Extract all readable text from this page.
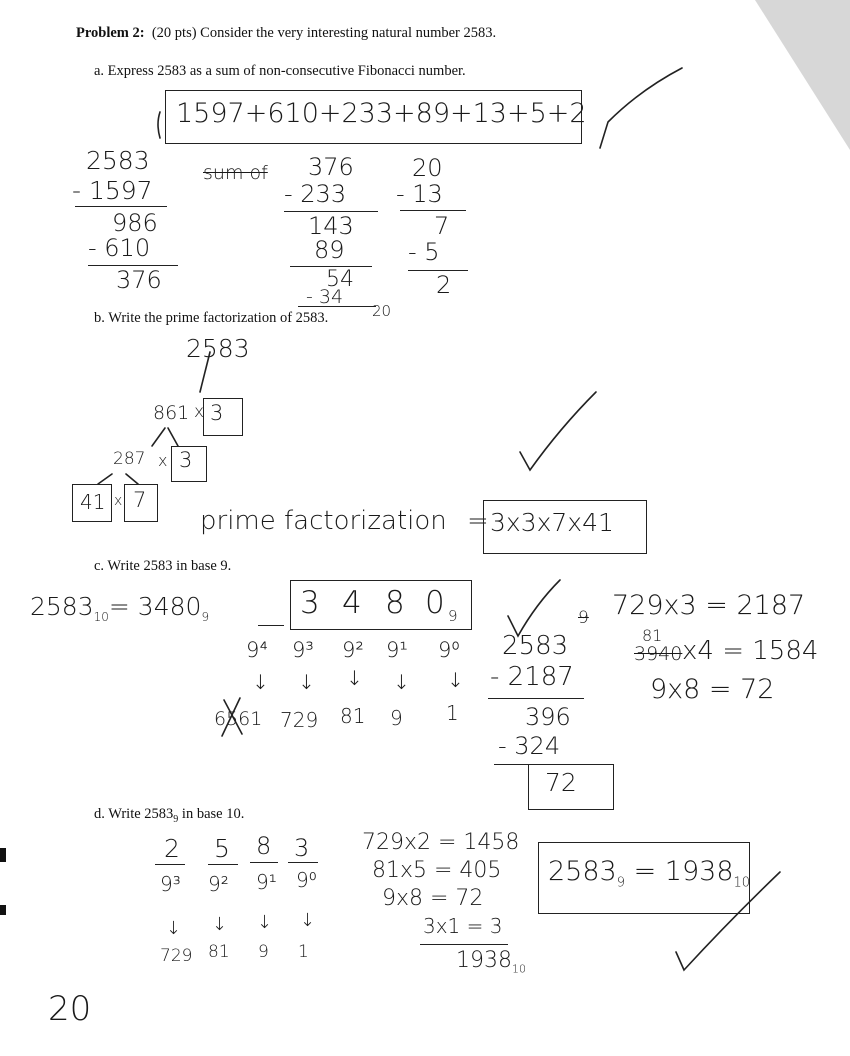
Problem 2: (20 pts) Consider the very interesting natural number 2583.
a. Express 2583 as a sum of non-consecutive Fibonacci number.
1597+610+233+89+13+5+2
2583
- 1597
986
- 610
376
sum of 376
- 233
143
89
54
- 34
20
20
- 13
7
- 5
2
b. Write the prime factorization of 2583.
2583
861 x 3
287 x 3
41 x 7
prime factorization = 3x3x7x41
c. Write 2583 in base 9.
$2583_{10}= 3480_9$	3 4 8 0 9
9⁴ 9³ 9² 9¹ 9⁰
↓ ↓ ↓ ↓ ↓
6561 729 81 9 1
2583
- 2187
396
- 324
72
9 729x3 = 2187
81
3940 x4 = 1584
9x8 = 72
d. Write $2583_9$ in base 10.
2 5 8 3
9³ 9² 9¹ 9⁰
↓ ↓ ↓ ↓
729 81 9 1
729x2 = 1458
81x5 = 405
9x8 = 72
3x1 = 3
$1938_{10}$
$2583_9 = 1938_{10}$
20
